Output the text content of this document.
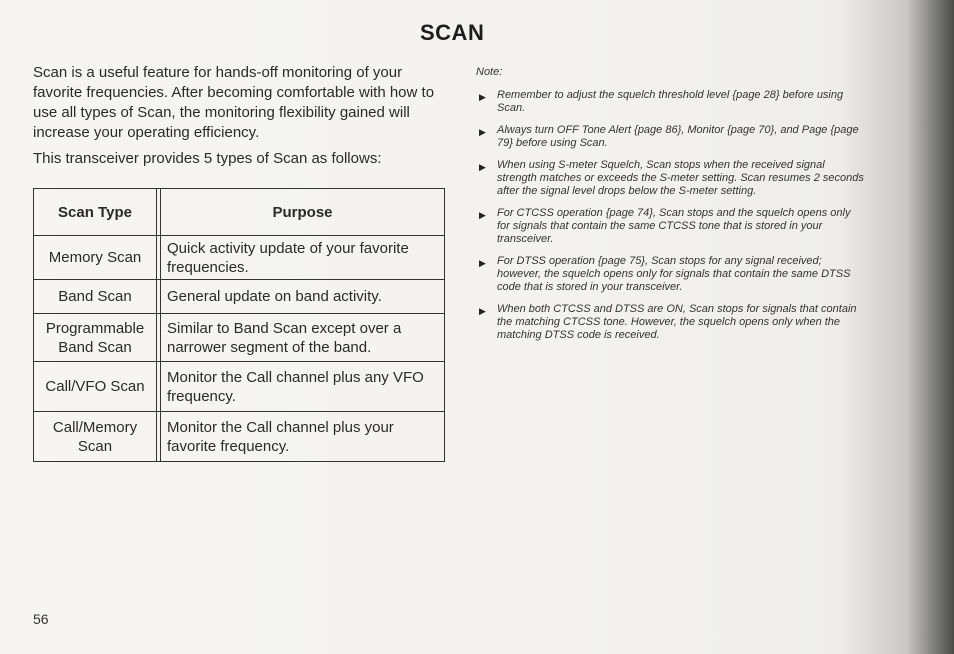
SCAN

Scan is a useful feature for hands-off monitoring of your favorite frequencies. After becoming comfortable with how to use all types of Scan, the monitoring flexibility gained will increase your operating efficiency.

This transceiver provides 5 types of Scan as follows:

Scan Type		Purpose
Memory Scan		Quick activity update of your favorite frequencies.
Band Scan		General update on band activity.
Programmable Band Scan		Similar to Band Scan except over a narrower segment of the band.
Call/VFO Scan		Monitor the Call channel plus any VFO frequency.
Call/Memory Scan		Monitor the Call channel plus your favorite frequency.
Note:
▶ Remember to adjust the squelch threshold level {page 28} before using Scan.
▶ Always turn OFF Tone Alert {page 86}, Monitor {page 70}, and Page {page 79} before using Scan.
▶ When using S-meter Squelch, Scan stops when the received signal strength matches or exceeds the S-meter setting. Scan resumes 2 seconds after the signal level drops below the S-meter setting.
▶ For CTCSS operation {page 74}, Scan stops and the squelch opens only for signals that contain the same CTCSS tone that is stored in your transceiver.
▶ For DTSS operation {page 75}, Scan stops for any signal received; however, the squelch opens only for signals that contain the same DTSS code that is stored in your transceiver.
▶ When both CTCSS and DTSS are ON, Scan stops for signals that contain the matching CTCSS tone. However, the squelch opens only when the matching DTSS code is received.
56
